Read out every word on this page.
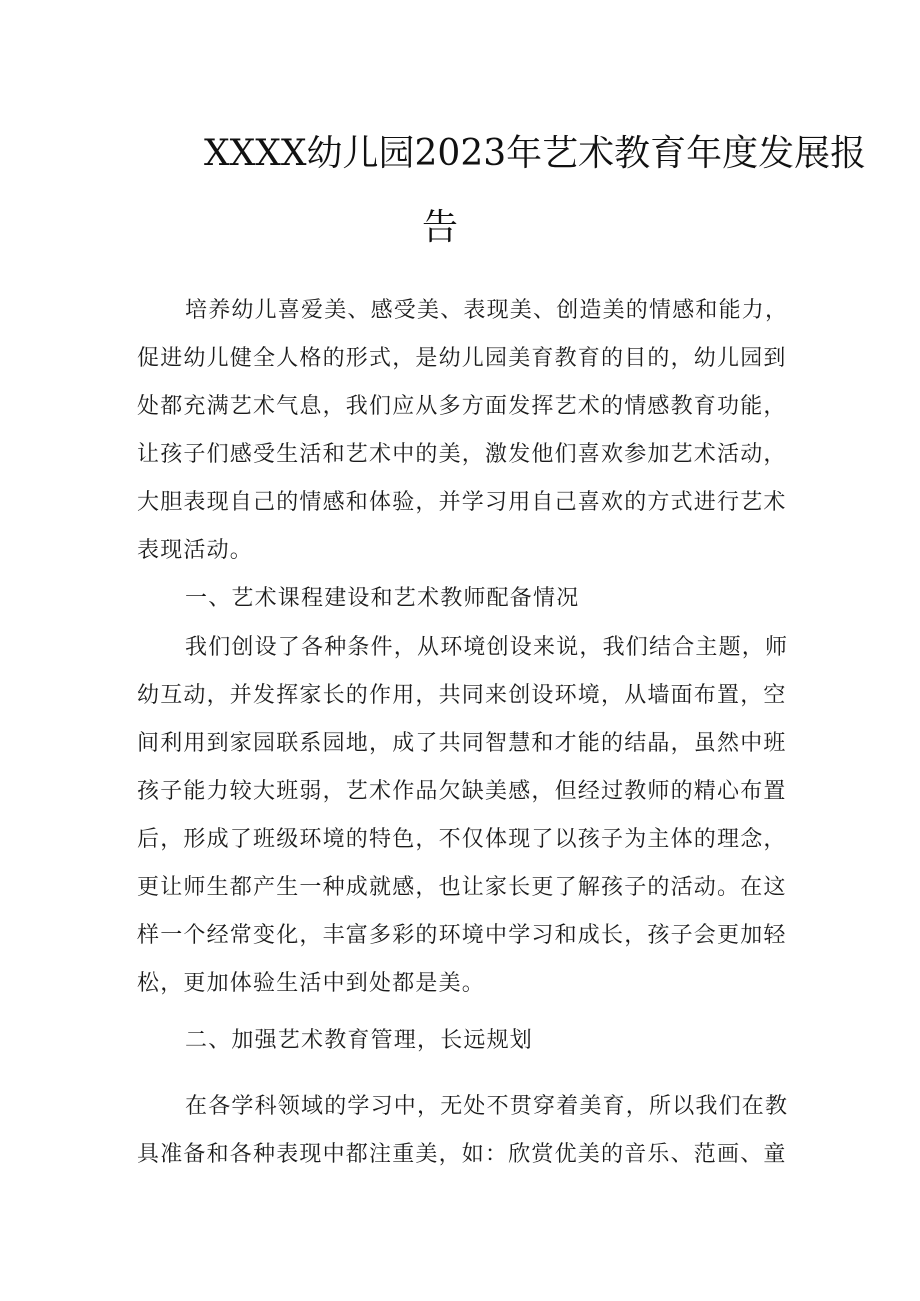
XXXX幼儿园2023年艺术教育年度发展报
告
培养幼儿喜爱美、感受美、表现美、创造美的情感和能力，
促进幼儿健全人格的形式，是幼儿园美育教育的目的，幼儿园到
处都充满艺术气息，我们应从多方面发挥艺术的情感教育功能，
让孩子们感受生活和艺术中的美，激发他们喜欢参加艺术活动，
大胆表现自己的情感和体验，并学习用自己喜欢的方式进行艺术
表现活动。
一、艺术课程建设和艺术教师配备情况
我们创设了各种条件，从环境创设来说，我们结合主题，师
幼互动，并发挥家长的作用，共同来创设环境，从墙面布置，空
间利用到家园联系园地，成了共同智慧和才能的结晶，虽然中班
孩子能力较大班弱，艺术作品欠缺美感，但经过教师的精心布置
后，形成了班级环境的特色，不仅体现了以孩子为主体的理念，
更让师生都产生一种成就感，也让家长更了解孩子的活动。在这
样一个经常变化，丰富多彩的环境中学习和成长，孩子会更加轻
松，更加体验生活中到处都是美。
二、加强艺术教育管理，长远规划
在各学科领域的学习中，无处不贯穿着美育，所以我们在教
具准备和各种表现中都注重美，如：欣赏优美的音乐、范画、童
